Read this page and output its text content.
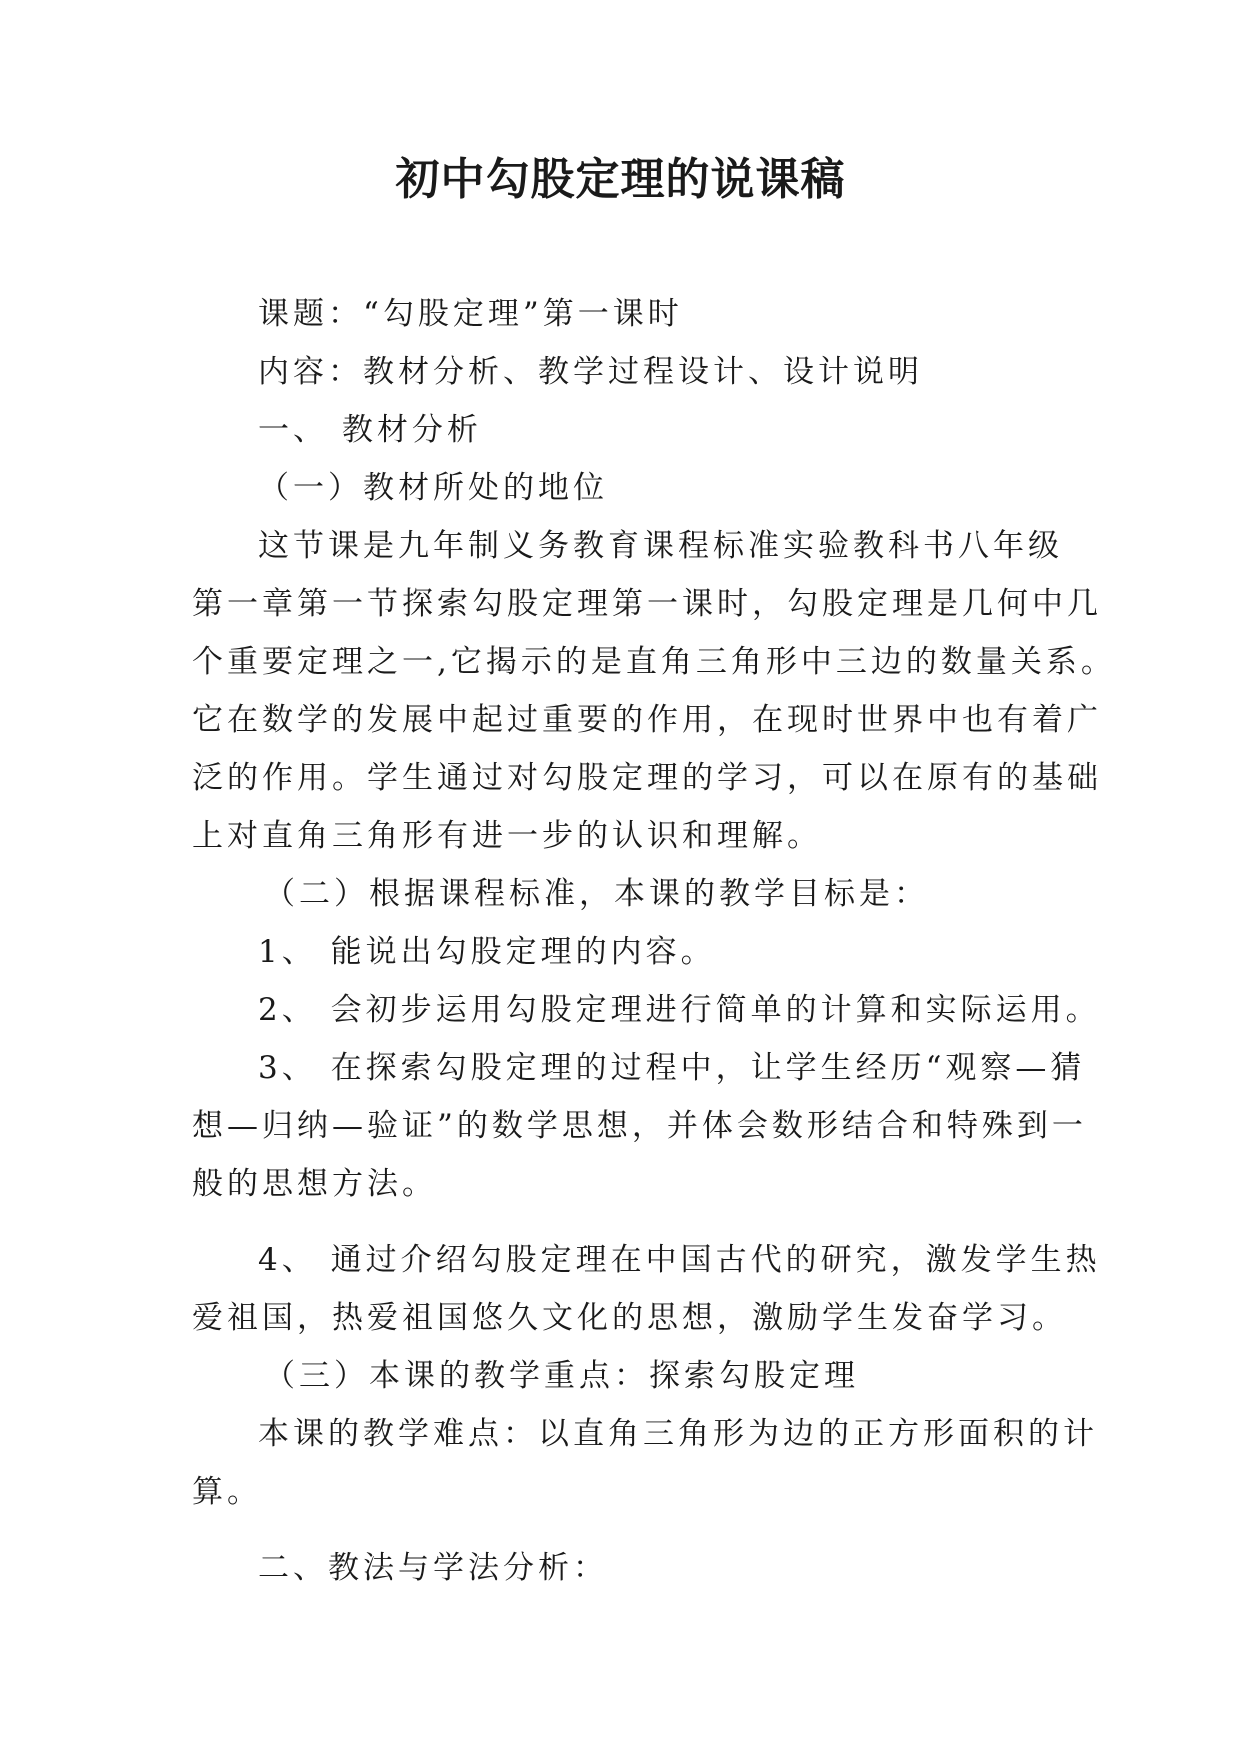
初中勾股定理的说课稿
课题：“勾股定理”第一课时
内容：教材分析、教学过程设计、设计说明
一、 教材分析
（一）教材所处的地位
这节课是九年制义务教育课程标准实验教科书八年级
第一章第一节探索勾股定理第一课时，勾股定理是几何中几
个重要定理之一,它揭示的是直角三角形中三边的数量关系。
它在数学的发展中起过重要的作用，在现时世界中也有着广
泛的作用。学生通过对勾股定理的学习，可以在原有的基础
上对直角三角形有进一步的认识和理解。
（二）根据课程标准，本课的教学目标是：
1、 能说出勾股定理的内容。
2、 会初步运用勾股定理进行简单的计算和实际运用。
3、 在探索勾股定理的过程中，让学生经历“观察—猜
想—归纳—验证”的数学思想，并体会数形结合和特殊到一
般的思想方法。
4、 通过介绍勾股定理在中国古代的研究，激发学生热
爱祖国，热爱祖国悠久文化的思想，激励学生发奋学习。
（三）本课的教学重点：探索勾股定理
本课的教学难点：以直角三角形为边的正方形面积的计
算。
二、教法与学法分析：
